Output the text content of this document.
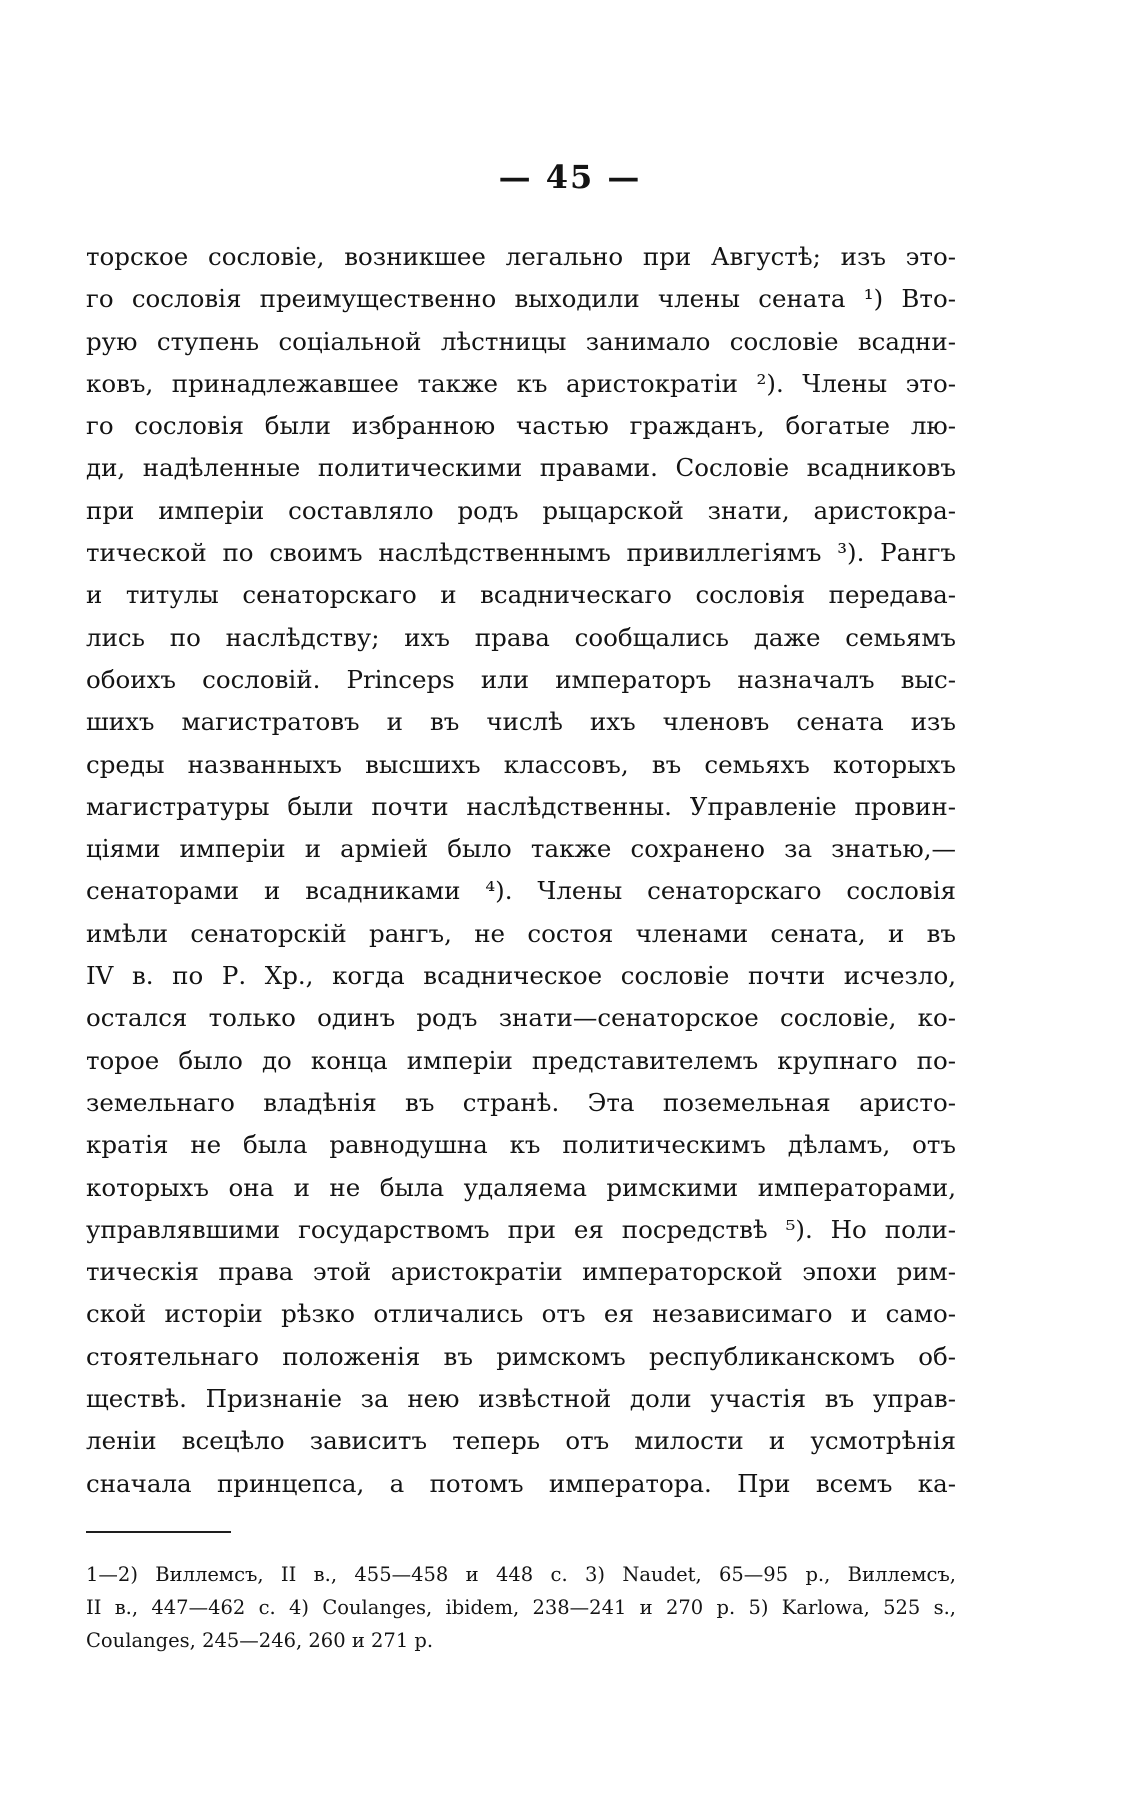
— 45 —
торское сословіе, возникшее легально при Августѣ; изъ это-
го сословія преимущественно выходили члены сената ¹) Вто-
рую ступень соціальной лѣстницы занимало сословіе всадни-
ковъ, принадлежавшее также къ аристократіи ²). Члены это-
го сословія были избранною частью гражданъ, богатые лю-
ди, надѣленные политическими правами. Сословіе всадниковъ
при имперіи составляло родъ рыцарской знати, аристокра-
тической по своимъ наслѣдственнымъ привиллегіямъ ³). Рангъ
и титулы сенаторскаго и всадническаго сословія передава-
лись по наслѣдству; ихъ права сообщались даже семьямъ
обоихъ сословій. Princeps или императоръ назначалъ выс-
шихъ магистратовъ и въ числѣ ихъ членовъ сената изъ
среды названныхъ высшихъ классовъ, въ семьяхъ которыхъ
магистратуры были почти наслѣдственны. Управленіе провин-
ціями имперіи и арміей было также сохранено за знатью,—
сенаторами и всадниками ⁴). Члены сенаторскаго сословія
имѣли сенаторскій рангъ, не состоя членами сената, и въ
IV в. по Р. Хр., когда всадническое сословіе почти исчезло,
остался только одинъ родъ знати—сенаторское сословіе, ко-
торое было до конца имперіи представителемъ крупнаго по-
земельнаго владѣнія въ странѣ. Эта поземельная аристо-
кратія не была равнодушна къ политическимъ дѣламъ, отъ
которыхъ она и не была удаляема римскими императорами,
управлявшими государствомъ при ея посредствѣ ⁵). Но поли-
тическія права этой аристократіи императорской эпохи рим-
ской исторіи рѣзко отличались отъ ея независимаго и само-
стоятельнаго положенія въ римскомъ республиканскомъ об-
ществѣ. Признаніе за нею извѣстной доли участія въ управ-
леніи всецѣло зависитъ теперь отъ милости и усмотрѣнія
сначала принцепса, а потомъ императора. При всемъ ка-
1—2) Виллемсъ, II в., 455—458 и 448 с. 3) Naudet, 65—95 р., Виллемсъ,
II в., 447—462 с. 4) Coulanges, ibidem, 238—241 и 270 р. 5) Karlowa, 525 s.,
Coulanges, 245—246, 260 и 271 р.
